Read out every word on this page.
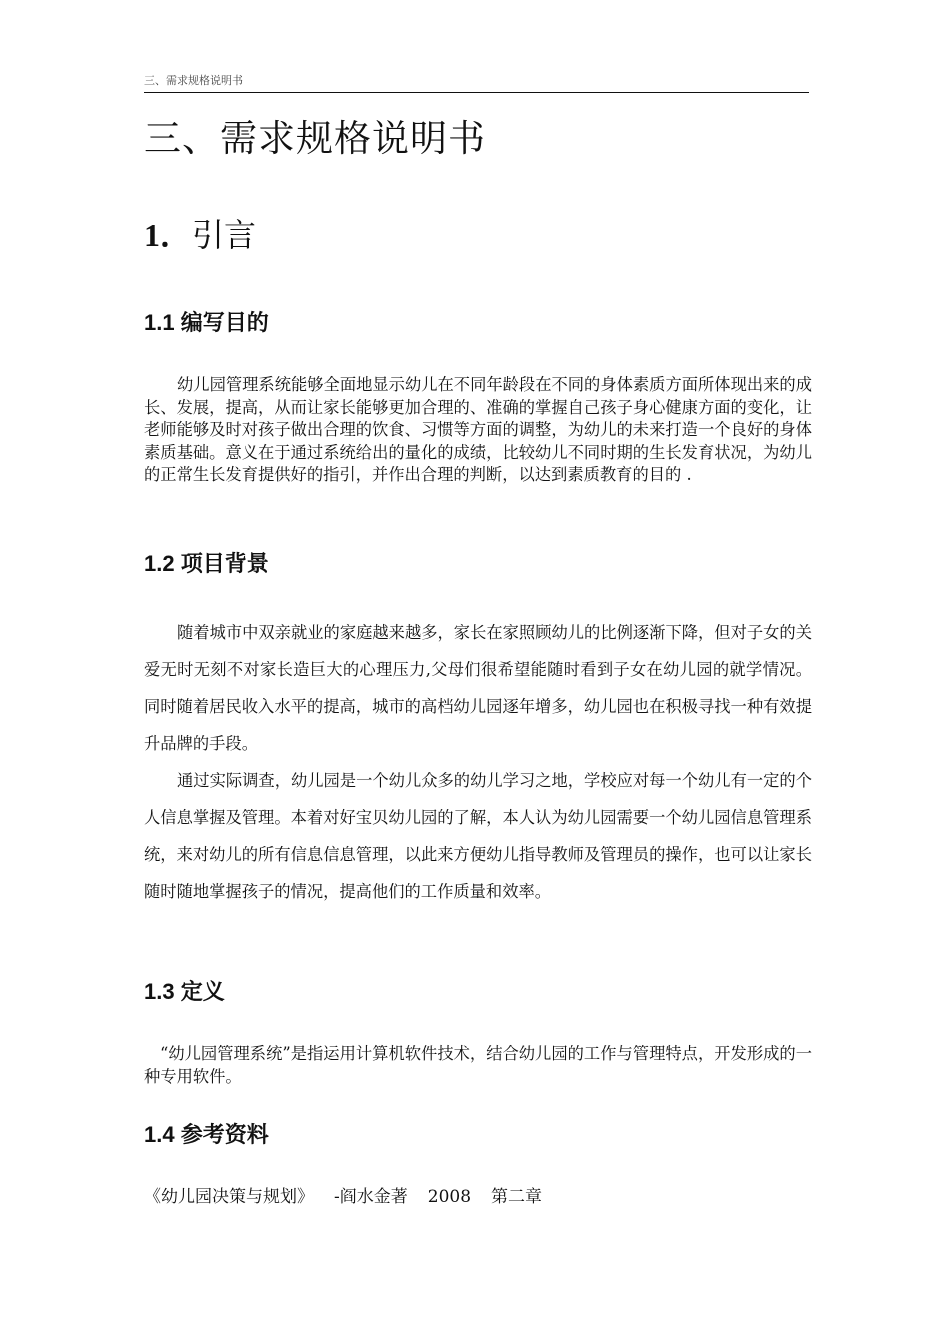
三、需求规格说明书
三、需求规格说明书
1．引言
1.1 编写目的

幼儿园管理系统能够全面地显示幼儿在不同年龄段在不同的身体素质方面所体现出来的成长、发展，提高，从而让家长能够更加合理的、准确的掌握自己孩子身心健康方面的变化，让老师能够及时对孩子做出合理的饮食、习惯等方面的调整，为幼儿的未来打造一个良好的身体素质基础。意义在于通过系统给出的量化的成绩，比较幼儿不同时期的生长发育状况，为幼儿的正常生长发育提供好的指引，并作出合理的判断，以达到素质教育的目的 .

1.2 项目背景

随着城市中双亲就业的家庭越来越多，家长在家照顾幼儿的比例逐渐下降，但对子女的关爱无时无刻不对家长造巨大的心理压力,父母们很希望能随时看到子女在幼儿园的就学情况。同时随着居民收入水平的提高，城市的高档幼儿园逐年增多，幼儿园也在积极寻找一种有效提升品牌的手段。

通过实际调查，幼儿园是一个幼儿众多的幼儿学习之地，学校应对每一个幼儿有一定的个人信息掌握及管理。本着对好宝贝幼儿园的了解，本人认为幼儿园需要一个幼儿园信息管理系统，来对幼儿的所有信息信息管理，以此来方便幼儿指导教师及管理员的操作，也可以让家长随时随地掌握孩子的情况，提高他们的工作质量和效率。

1.3 定义

“幼儿园管理系统”是指运用计算机软件技术，结合幼儿园的工作与管理特点，开发形成的一种专用软件。

1.4 参考资料

《幼儿园决策与规划》 -阎水金著 2008 第二章
